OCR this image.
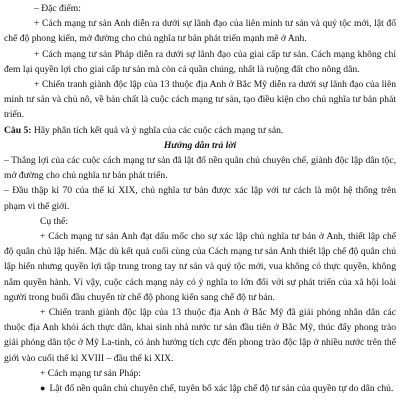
– Đặc điểm:

+ Cách mạng tư sản Anh diễn ra dưới sự lãnh đạo của liên minh tư sản và quý tộc mới, lật đổ chế độ phong kiến, mở đường cho chủ nghĩa tư bản phát triển mạnh mẽ ở Anh.

+ Cách mạng tư sản Pháp diễn ra dưới sự lãnh đạo của giai cấp tư sản. Cách mạng không chỉ đem lại quyền lợi cho giai cấp tư sản mà còn cả quần chúng, nhất là ruộng đất cho nông dân.

+ Chiến tranh giành độc lập của 13 thuộc địa Anh ở Bắc Mỹ diễn ra dưới sự lãnh đạo của liên minh tư sản và chủ nô, về bản chất là cuộc cách mạng tư sản, tạo điều kiện cho chủ nghĩa tư bản phát triển.

Câu 5: Hãy phân tích kết quả và ý nghĩa của các cuộc cách mạng tư sản.

Hướng dẫn trả lời

– Thắng lợi của các cuộc cách mạng tư sản đã lật đổ nền quân chủ chuyên chế, giành độc lập dân tộc, mở đường cho chủ nghĩa tư bản phát triển.

– Đầu thập kỉ 70 của thế kỉ XIX, chủ nghĩa tư bản được xác lập với tư cách là một hệ thống trên phạm vi thế giới.

Cụ thể:

+ Cách mạng tư sản Anh đạt dấu mốc cho sự xác lập chủ nghĩa tư bản ở Anh, thiết lập chế độ quân chủ lập hiến. Mặc dù kết quả cuối cùng của Cách mạng tư sản Anh thiết lập chế độ quân chủ lập hiến nhưng quyền lợi tập trung trong tay tư sản và quý tộc mới, vua không có thực quyền, không nắm quyền hành. Vì vậy, cuộc cách mạng này có ý nghĩa to lớn đối với sự phát triển của xã hội loài người trong buổi đầu chuyển từ chế độ phong kiến sang chế độ tư bản.

+ Chiến tranh giành độc lập của 13 thuộc địa Anh ở Bắc Mỹ đã giải phóng nhân dân các thuộc địa Anh khỏi ách thực dân, khai sinh nhà nước tư sản đầu tiên ở Bắc Mỹ, thúc đẩy phong trào giải phóng dân tộc ở Mỹ La-tinh, có ảnh hưởng tích cực đến phong trào độc lập ở nhiều nước trên thế giới vào cuối thế kỉ XVIII – đầu thế kỉ XIX.

+ Cách mạng tư sản Pháp:

● Lật đổ nền quân chủ chuyên chế, tuyên bố xác lập chế độ tư sản của quyền tự do dân chủ.
